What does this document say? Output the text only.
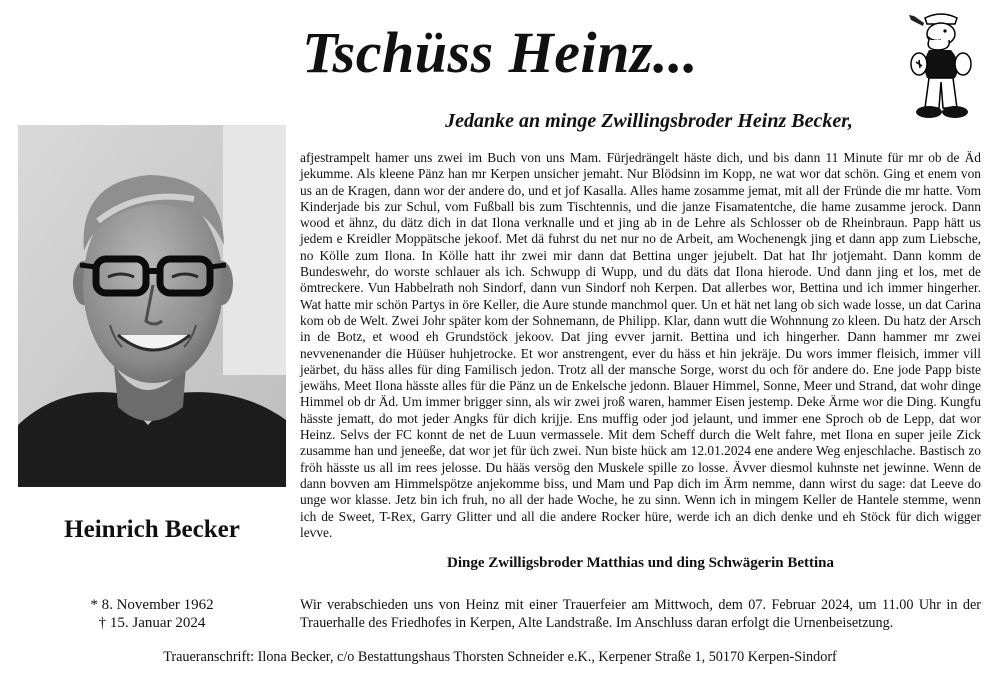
Tschüss Heinz...
Jedanke an minge Zwillingsbroder Heinz Becker,
Heinrich Becker
* 8. November 1962
† 15. Januar 2024

afjestrampelt hamer uns zwei im Buch von uns Mam. Fürjedrängelt häste dich, und bis dann 11 Minute für mr ob de Äd jekumme. Als kleene Pänz han mr Kerpen unsicher jemaht. Nur Blödsinn im Kopp, ne wat wor dat schön. Ging et enem von us an de Kragen, dann wor der andere do, und et jof Kasalla. Alles hame zosamme jemat, mit all der Fründe die mr hatte. Vom Kinderjade bis zur Schul, vom Fußball bis zum Tischtennis, und die janze Fisamatentche, die hame zusamme jerock. Dann wood et ähnz, du dätz dich in dat Ilona verknalle und et jing ab in de Lehre als Schlosser ob de Rheinbraun. Papp hätt us jedem e Kreidler Moppätsche jekoof. Met dä fuhrst du net nur no de Arbeit, am Wochenengk jing et dann app zum Liebsche, no Kölle zum Ilona. In Kölle hatt ihr zwei mir dann dat Bettina unger jejubelt. Dat hat Ihr jotjemaht. Dann komm de Bundeswehr, do worste schlauer als ich. Schwupp di Wupp, und du däts dat Ilona hierode. Und dann jing et los, met de ömtreckere. Vun Habbelrath noh Sindorf, dann vun Sindorf noh Kerpen. Dat allerbes wor, Bettina und ich immer hingerher. Wat hatte mir schön Partys in öre Keller, die Aure stunde manchmol quer. Un et hät net lang ob sich wade losse, un dat Carina kom ob de Welt. Zwei Johr später kom der Sohnemann, de Philipp. Klar, dann wutt die Wohnnung zo kleen. Du hatz der Arsch in de Botz, et wood eh Grundstöck jekoov. Dat jing evver jarnit. Bettina und ich hingerher. Dann hammer mr zwei nevvenenander die Hüüser huhjetrocke. Et wor anstrengent, ever du häss et hin jekräje. Du wors immer fleisich, immer vill jeärbet, du häss alles für ding Familisch jedon. Trotz all der mansche Sorge, worst du och för andere do. Ene jode Papp biste jewähs. Meet Ilona hässte alles für die Pänz un de Enkelsche jedonn. Blauer Himmel, Sonne, Meer und Strand, dat wohr dinge Himmel ob dr Äd. Um immer brigger sinn, als wir zwei jroß waren, hammer Eisen jestemp. Deke Ärme wor die Ding. Kungfu hässte jematt, do mot jeder Angks für dich krijje. Ens muffig oder jod jelaunt, und immer ene Sproch ob de Lepp, dat wor Heinz. Selvs der FC konnt de net de Luun vermassele. Mit dem Scheff durch die Welt fahre, met Ilona en super jeile Zick zusamme han und jeneeße, dat wor jet für üch zwei. Nun biste hück am 12.01.2024 ene andere Weg enjeschlache. Bastisch zo fröh hässte us all im rees jelosse. Du hääs versög den Muskele spille zo losse. Ävver diesmol kuhnste net jewinne. Wenn de dann bovven am Himmelspötze anjekomme biss, und Mam und Pap dich im Ärm nemme, dann wirst du sage: dat Leeve do unge wor klasse. Jetz bin ich fruh, no all der hade Woche, he zu sinn. Wenn ich in mingem Keller de Hantele stemme, wenn ich de Sweet, T-Rex, Garry Glitter und all die andere Rocker hüre, werde ich an dich denke und eh Stöck für dich wigger levve.

Dinge Zwilligsbroder Matthias und ding Schwägerin Bettina

Wir verabschieden uns von Heinz mit einer Trauerfeier am Mittwoch, dem 07. Februar 2024, um 11.00 Uhr in der Trauerhalle des Friedhofes in Kerpen, Alte Landstraße. Im Anschluss daran erfolgt die Urnenbeisetzung.

Traueranschrift: Ilona Becker, c/o Bestattungshaus Thorsten Schneider e.K., Kerpener Straße 1, 50170 Kerpen-Sindorf
